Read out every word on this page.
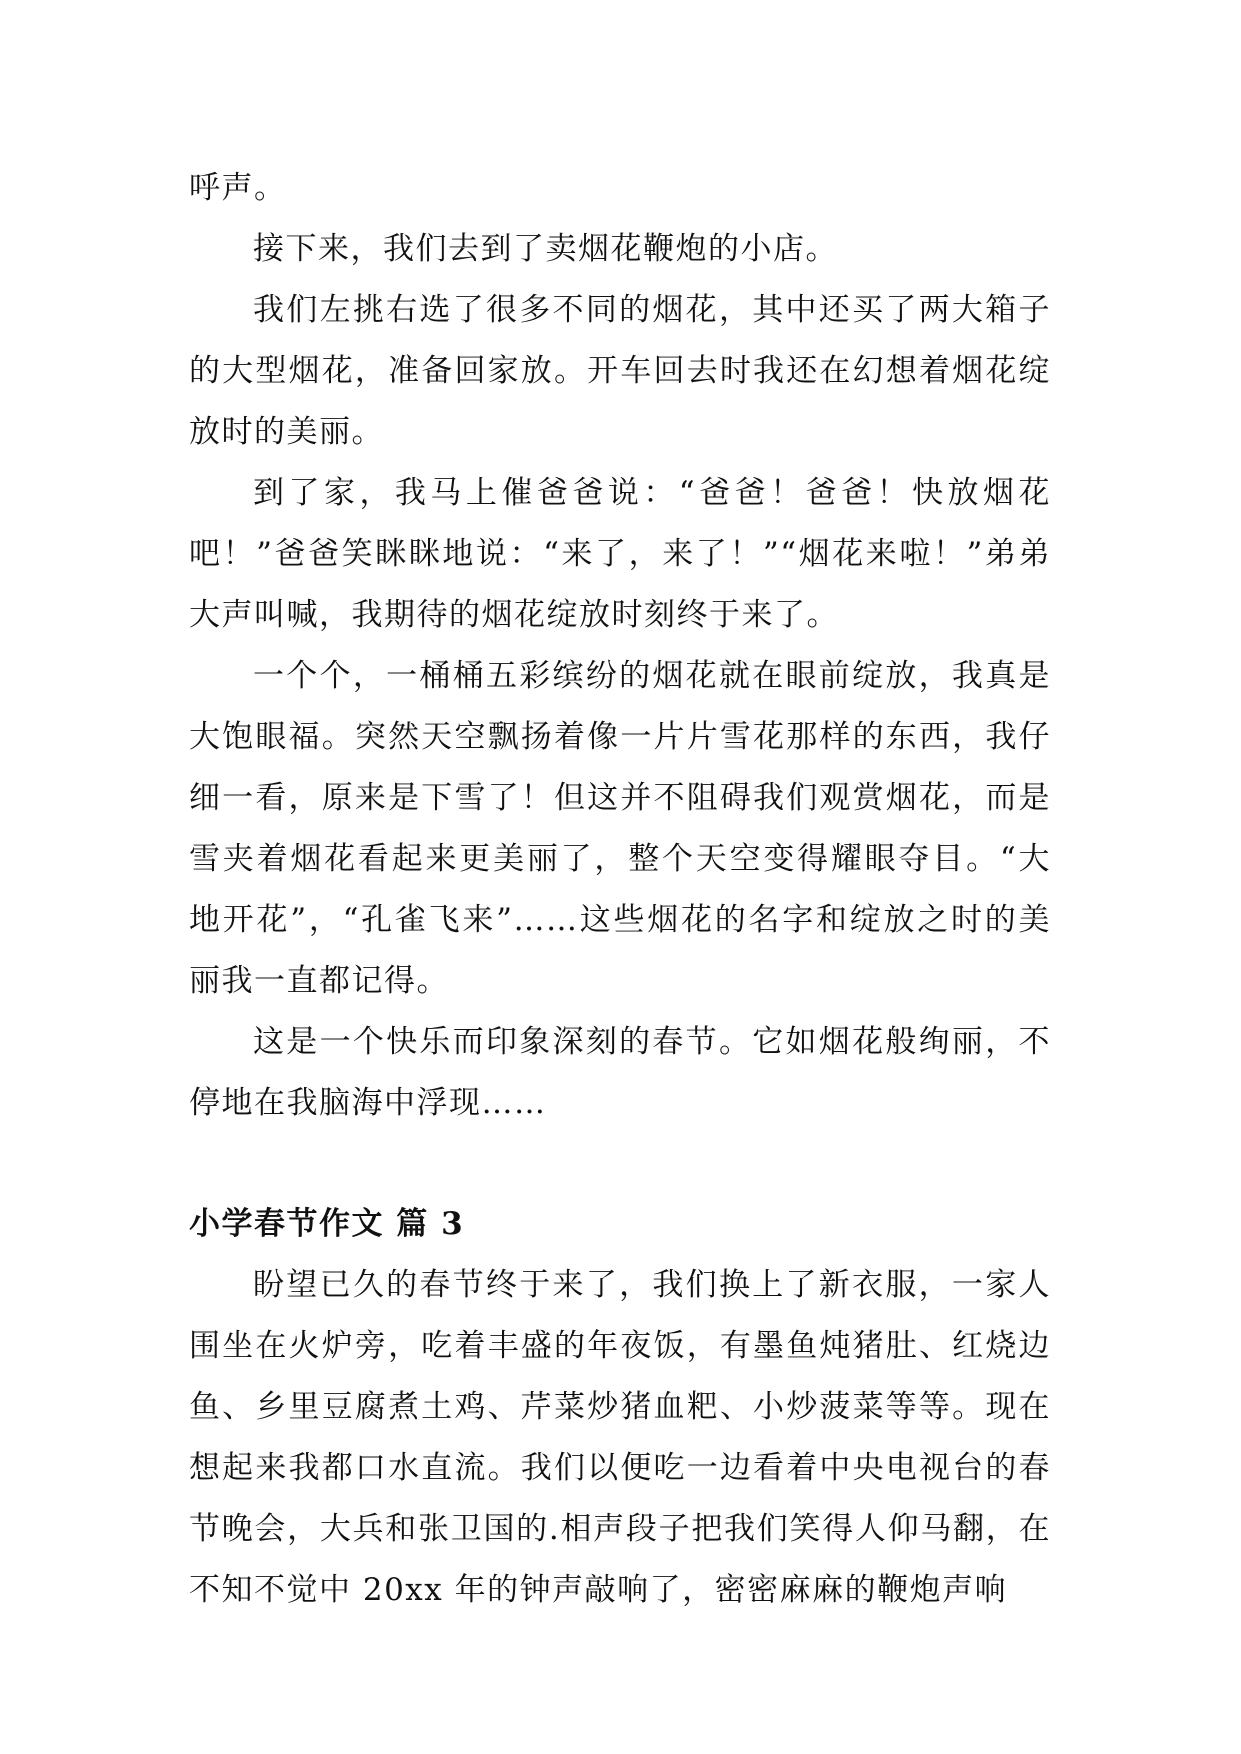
呼声。

接下来，我们去到了卖烟花鞭炮的小店。

我们左挑右选了很多不同的烟花，其中还买了两大箱子的大型烟花，准备回家放。开车回去时我还在幻想着烟花绽放时的美丽。

到了家，我马上催爸爸说：“爸爸！爸爸！快放烟花吧！”爸爸笑眯眯地说：“来了，来了！”“烟花来啦！”弟弟大声叫喊，我期待的烟花绽放时刻终于来了。

一个个，一桶桶五彩缤纷的烟花就在眼前绽放，我真是大饱眼福。突然天空飘扬着像一片片雪花那样的东西，我仔细一看，原来是下雪了！但这并不阻碍我们观赏烟花，而是雪夹着烟花看起来更美丽了，整个天空变得耀眼夺目。“大地开花”，“孔雀飞来”……这些烟花的名字和绽放之时的美丽我一直都记得。

这是一个快乐而印象深刻的春节。它如烟花般绚丽，不停地在我脑海中浮现……

小学春节作文 篇 3

盼望已久的春节终于来了，我们换上了新衣服，一家人围坐在火炉旁，吃着丰盛的年夜饭，有墨鱼炖猪肚、红烧边鱼、乡里豆腐煮土鸡、芹菜炒猪血粑、小炒菠菜等等。现在想起来我都口水直流。我们以便吃一边看着中央电视台的春节晚会，大兵和张卫国的.相声段子把我们笑得人仰马翻，在不知不觉中 20xx 年的钟声敲响了，密密麻麻的鞭炮声响
